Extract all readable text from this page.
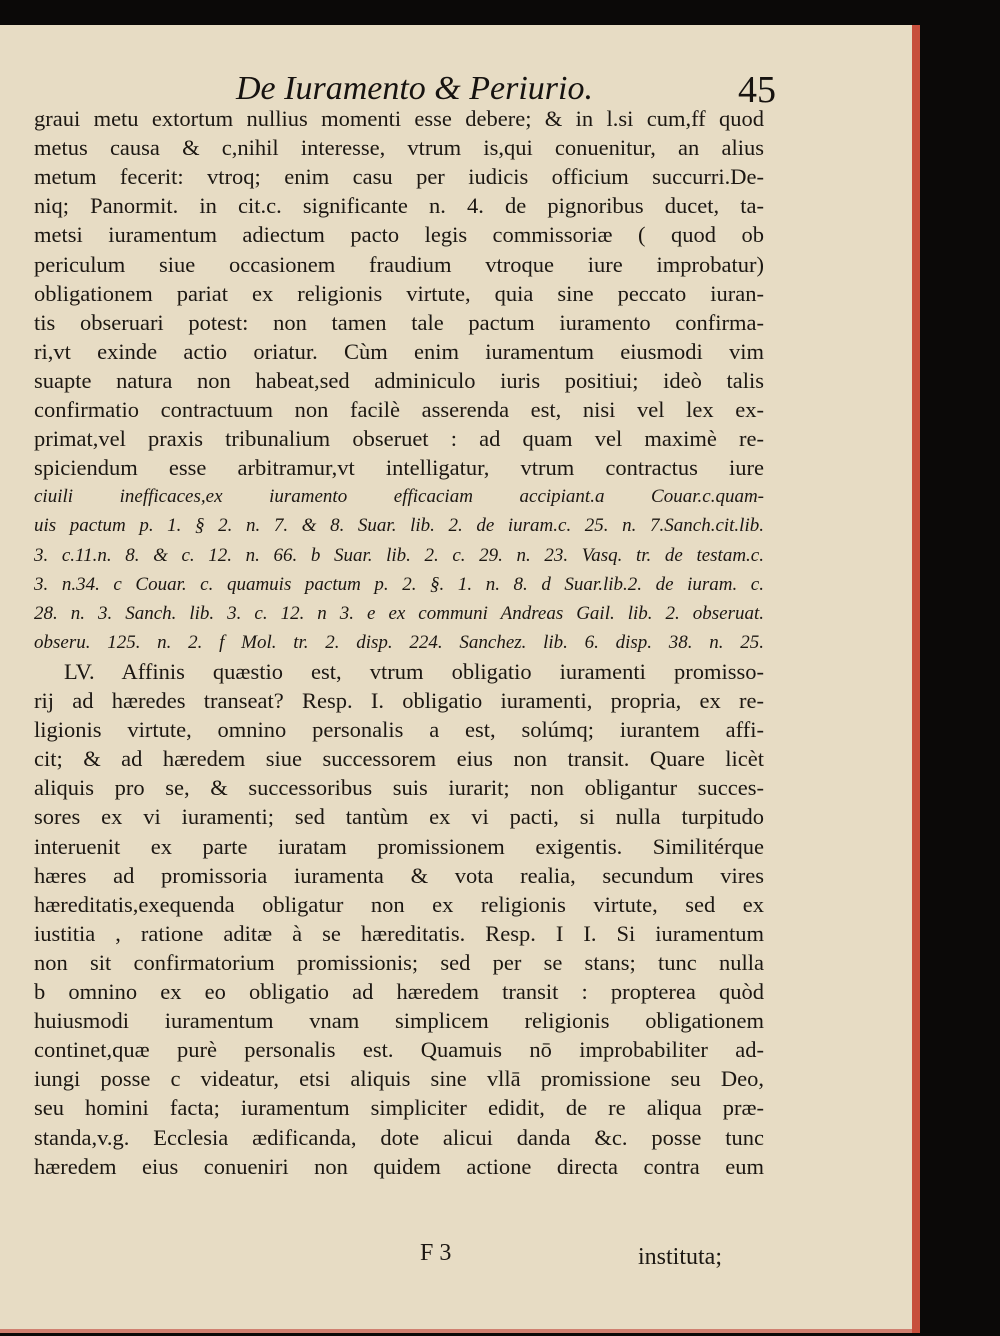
De Iuramento & Periurio.	45
graui metu extortum nullius momenti esse debere; & in l.si cum,ff quod
metus causa & c,nihil interesse, vtrum is,qui conuenitur, an alius
metum fecerit: vtroq; enim casu per iudicis officium succurri.De-
niq; Panormit. in cit.c. significante n. 4. de pignoribus ducet, ta-
metsi iuramentum adiectum pacto legis commissoriæ ( quod ob
periculum siue occasionem fraudium vtroque iure improbatur)
obligationem pariat ex religionis virtute, quia sine peccato iuran-
tis obseruari potest: non tamen tale pactum iuramento confirma-
ri,vt exinde actio oriatur. Cùm enim iuramentum eiusmodi vim
suapte natura non habeat,sed adminiculo iuris positiui; ideò talis
confirmatio contractuum non facilè asserenda est, nisi vel lex ex-
primat,vel praxis tribunalium obseruet : ad quam vel maximè re-
spiciendum esse arbitramur,vt intelligatur, vtrum contractus iure
ciuili inefficaces,ex iuramento efficaciam accipiant.a Couar.c.quam-
uis pactum p. 1. § 2. n. 7. & 8. Suar. lib. 2. de iuram.c. 25. n. 7.Sanch.cit.lib.
3. c.11.n. 8. & c. 12. n. 66. b Suar. lib. 2. c. 29. n. 23. Vasq. tr. de testam.c.
3. n.34. c Couar. c. quamuis pactum p. 2. §. 1. n. 8. d Suar.lib.2. de iuram. c.
28. n. 3. Sanch. lib. 3. c. 12. n 3. e ex communi Andreas Gail. lib. 2. obseruat.
obseru. 125. n. 2. f Mol. tr. 2. disp. 224. Sanchez. lib. 6. disp. 38. n. 25.
LV. Affinis quæstio est, vtrum obligatio iuramenti promisso-
rij ad hæredes transeat? Resp. I. obligatio iuramenti, propria, ex re-
ligionis virtute, omnino personalis a est, solúmq; iurantem affi-
cit; & ad hæredem siue successorem eius non transit. Quare licèt
aliquis pro se, & successoribus suis iurarit; non obligantur succes-
sores ex vi iuramenti; sed tantùm ex vi pacti, si nulla turpitudo
interuenit ex parte iuratam promissionem exigentis. Similitérque
hæres ad promissoria iuramenta & vota realia, secundum vires
hæreditatis,exequenda obligatur non ex religionis virtute, sed ex
iustitia , ratione aditæ à se hæreditatis. Resp. I I. Si iuramentum
non sit confirmatorium promissionis; sed per se stans; tunc nulla
b omnino ex eo obligatio ad hæredem transit : propterea quòd
huiusmodi iuramentum vnam simplicem religionis obligationem
continet,quæ purè personalis est. Quamuis nō improbabiliter ad-
iungi posse c videatur, etsi aliquis sine vllā promissione seu Deo,
seu homini facta; iuramentum simpliciter edidit, de re aliqua præ-
standa,v.g. Ecclesia ædificanda, dote alicui danda &c. posse tunc
hæredem eius conueniri non quidem actione directa contra eum
F 3	instituta;
